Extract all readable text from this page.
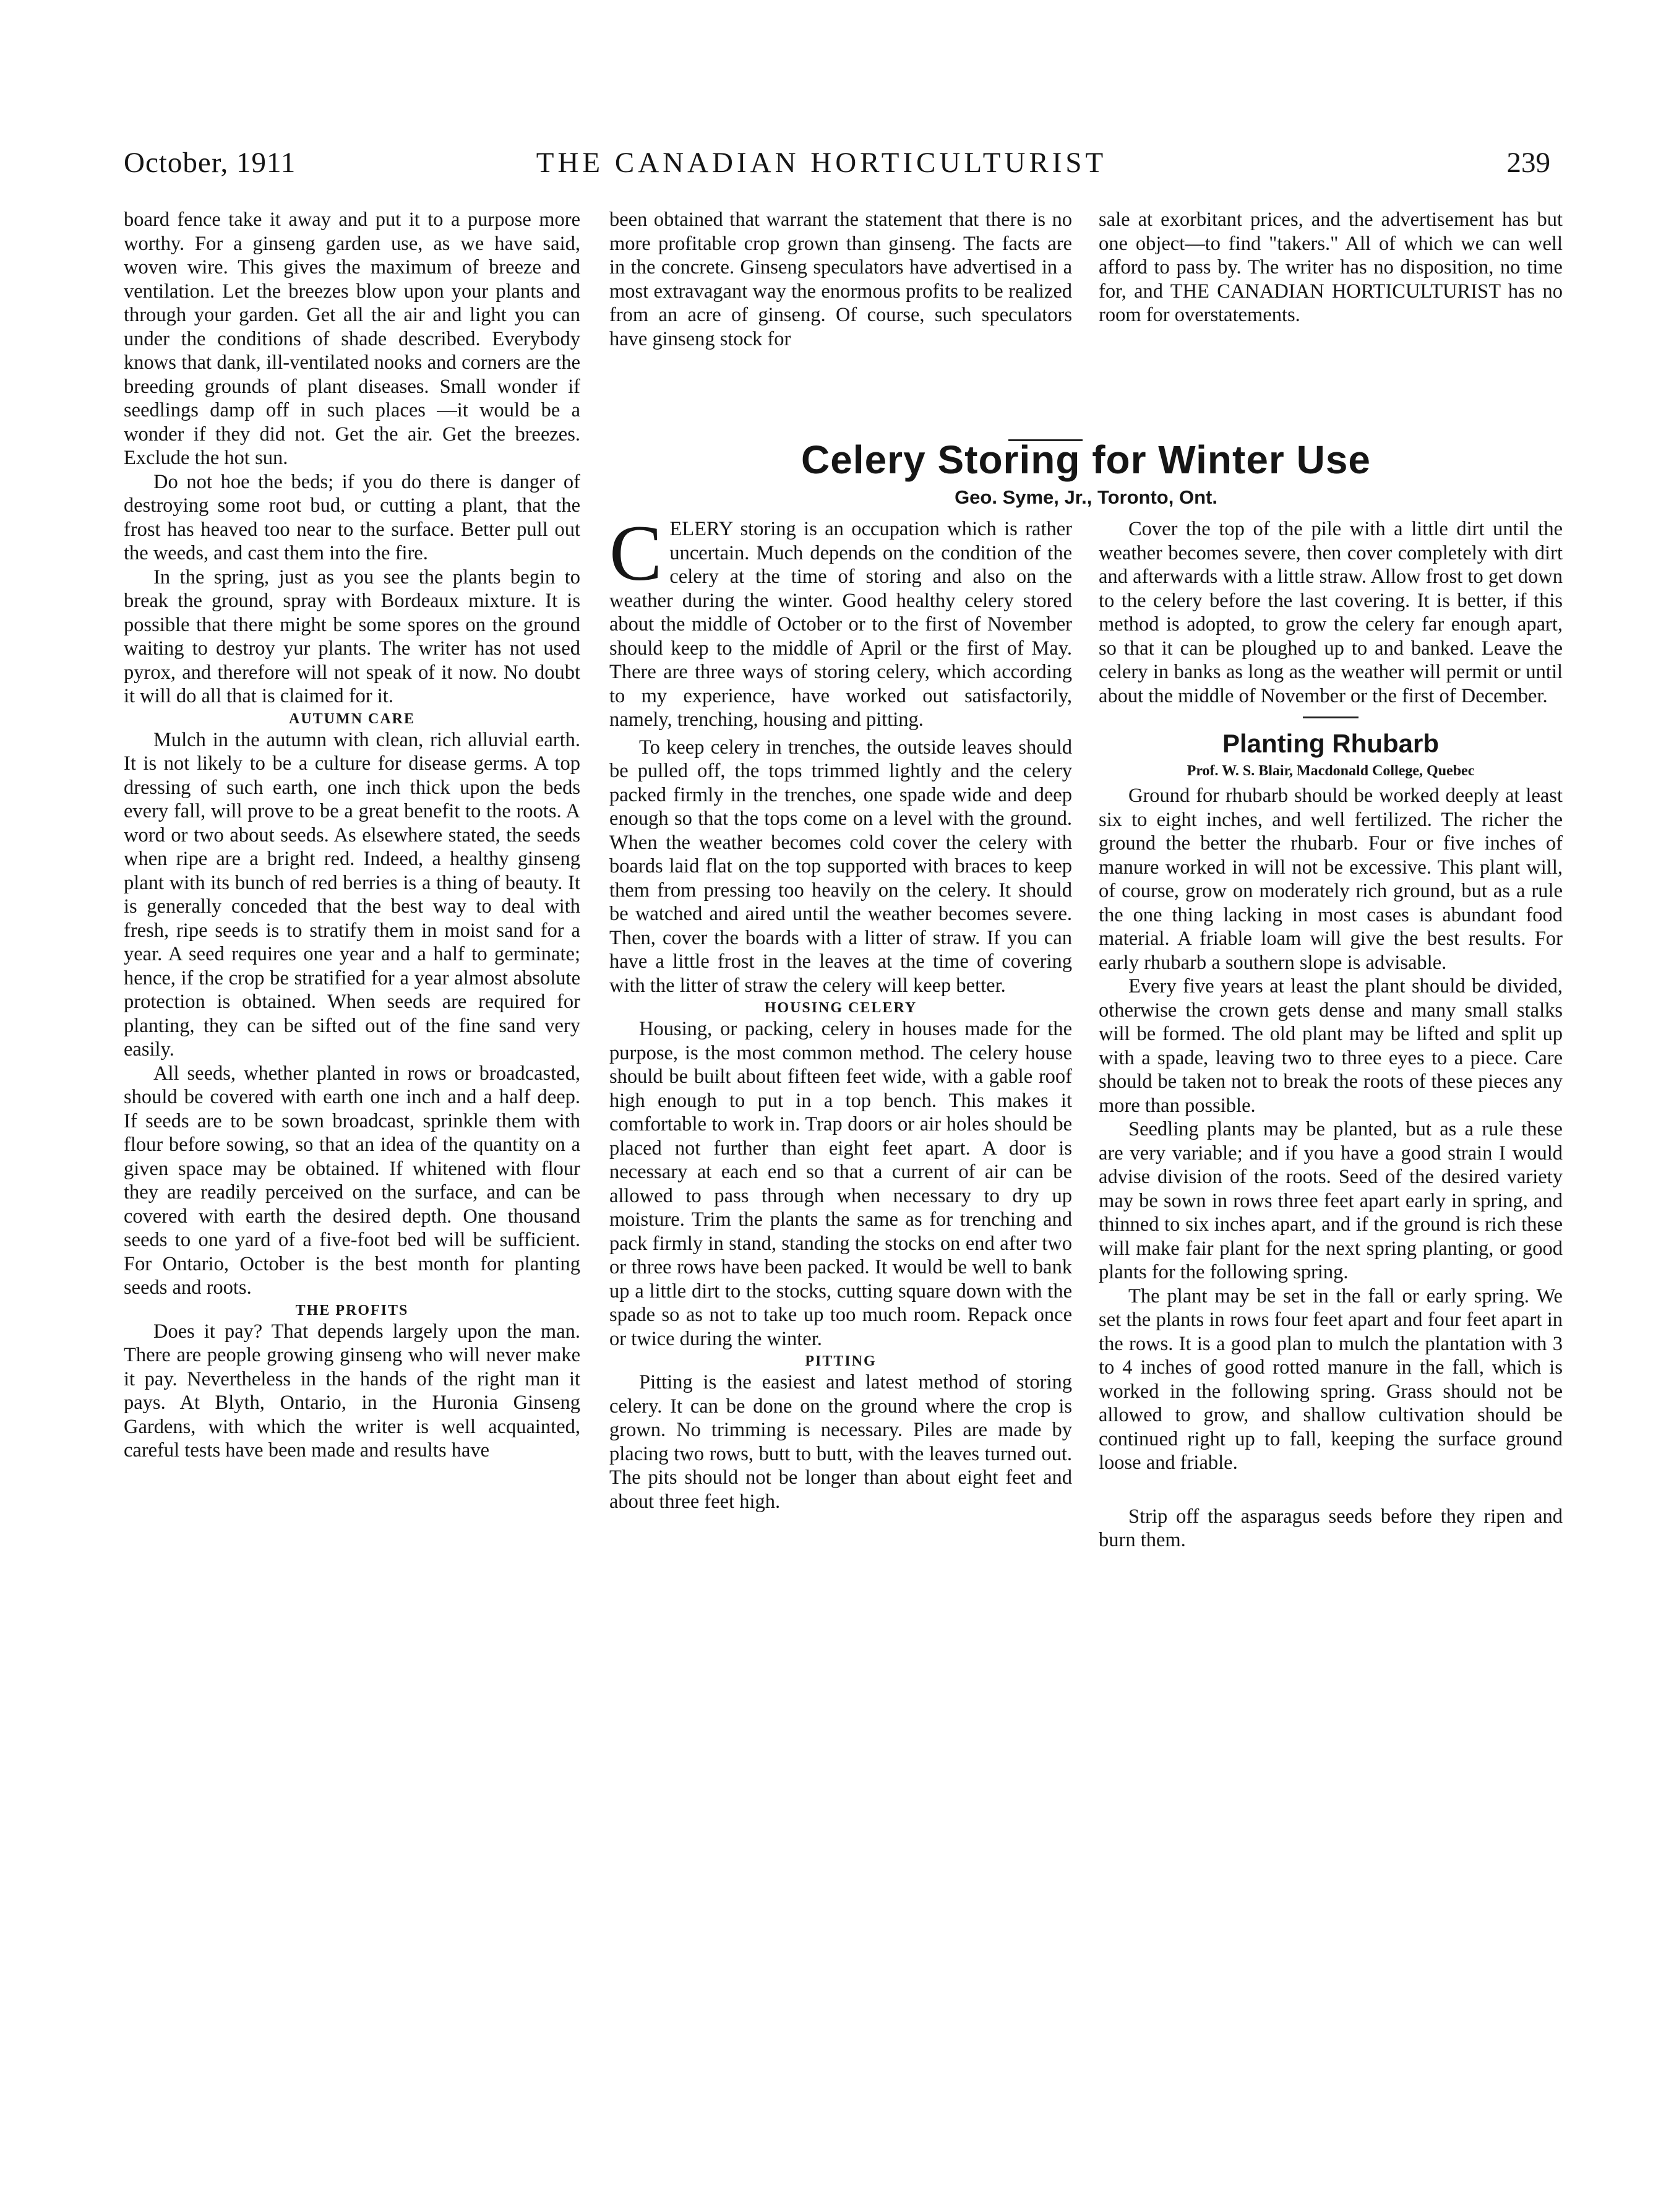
October, 1911	THE CANADIAN HORTICULTURIST	239

board fence take it away and put it to a purpose more worthy. For a ginseng garden use, as we have said, woven wire. This gives the maximum of breeze and ventilation. Let the breezes blow upon your plants and through your garden. Get all the air and light you can under the conditions of shade described. Everybody knows that dank, ill-ventilated nooks and corners are the breeding grounds of plant diseases. Small wonder if seedlings damp off in such places —it would be a wonder if they did not. Get the air. Get the breezes. Exclude the hot sun.

Do not hoe the beds; if you do there is danger of destroying some root bud, or cutting a plant, that the frost has heaved too near to the surface. Better pull out the weeds, and cast them into the fire.

In the spring, just as you see the plants begin to break the ground, spray with Bordeaux mixture. It is possible that there might be some spores on the ground waiting to destroy yur plants. The writer has not used pyrox, and therefore will not speak of it now. No doubt it will do all that is claimed for it.

AUTUMN CARE

Mulch in the autumn with clean, rich alluvial earth. It is not likely to be a culture for disease germs. A top dressing of such earth, one inch thick upon the beds every fall, will prove to be a great benefit to the roots. A word or two about seeds. As elsewhere stated, the seeds when ripe are a bright red. Indeed, a healthy ginseng plant with its bunch of red berries is a thing of beauty. It is generally conceded that the best way to deal with fresh, ripe seeds is to stratify them in moist sand for a year. A seed requires one year and a half to germinate; hence, if the crop be stratified for a year almost absolute protection is obtained. When seeds are required for planting, they can be sifted out of the fine sand very easily.

All seeds, whether planted in rows or broadcasted, should be covered with earth one inch and a half deep. If seeds are to be sown broadcast, sprinkle them with flour before sowing, so that an idea of the quantity on a given space may be obtained. If whitened with flour they are readily perceived on the surface, and can be covered with earth the desired depth. One thousand seeds to one yard of a five-foot bed will be sufficient. For Ontario, October is the best month for planting seeds and roots.

THE PROFITS

Does it pay? That depends largely upon the man. There are people growing ginseng who will never make it pay. Nevertheless in the hands of the right man it pays. At Blyth, Ontario, in the Huronia Ginseng Gardens, with which the writer is well acquainted, careful tests have been made and results have

been obtained that warrant the statement that there is no more profitable crop grown than ginseng. The facts are in the concrete. Ginseng speculators have advertised in a most extravagant way the enormous profits to be realized from an acre of ginseng. Of course, such speculators have ginseng stock for

sale at exorbitant prices, and the advertisement has but one object—to find "takers." All of which we can well afford to pass by. The writer has no disposition, no time for, and THE CANADIAN HORTICULTURIST has no room for overstatements.

Celery Storing for Winter Use
Geo. Syme, Jr., Toronto, Ont.

CELERY storing is an occupation which is rather uncertain. Much depends on the condition of the celery at the time of storing and also on the weather during the winter. Good healthy celery stored about the middle of October or to the first of November should keep to the middle of April or the first of May. There are three ways of storing celery, which according to my experience, have worked out satisfactorily, namely, trenching, housing and pitting.

To keep celery in trenches, the outside leaves should be pulled off, the tops trimmed lightly and the celery packed firmly in the trenches, one spade wide and deep enough so that the tops come on a level with the ground. When the weather becomes cold cover the celery with boards laid flat on the top supported with braces to keep them from pressing too heavily on the celery. It should be watched and aired until the weather becomes severe. Then, cover the boards with a litter of straw. If you can have a little frost in the leaves at the time of covering with the litter of straw the celery will keep better.

HOUSING CELERY

Housing, or packing, celery in houses made for the purpose, is the most common method. The celery house should be built about fifteen feet wide, with a gable roof high enough to put in a top bench. This makes it comfortable to work in. Trap doors or air holes should be placed not further than eight feet apart. A door is necessary at each end so that a current of air can be allowed to pass through when necessary to dry up moisture. Trim the plants the same as for trenching and pack firmly in stand, standing the stocks on end after two or three rows have been packed. It would be well to bank up a little dirt to the stocks, cutting square down with the spade so as not to take up too much room. Repack once or twice during the winter.

PITTING

Pitting is the easiest and latest method of storing celery. It can be done on the ground where the crop is grown. No trimming is necessary. Piles are made by placing two rows, butt to butt, with the leaves turned out. The pits should not be longer than about eight feet and about three feet high.

Cover the top of the pile with a little dirt until the weather becomes severe, then cover completely with dirt and afterwards with a little straw. Allow frost to get down to the celery before the last covering. It is better, if this method is adopted, to grow the celery far enough apart, so that it can be ploughed up to and banked. Leave the celery in banks as long as the weather will permit or until about the middle of November or the first of December.

Planting Rhubarb
Prof. W. S. Blair, Macdonald College, Quebec

Ground for rhubarb should be worked deeply at least six to eight inches, and well fertilized. The richer the ground the better the rhubarb. Four or five inches of manure worked in will not be excessive. This plant will, of course, grow on moderately rich ground, but as a rule the one thing lacking in most cases is abundant food material. A friable loam will give the best results. For early rhubarb a southern slope is advisable.

Every five years at least the plant should be divided, otherwise the crown gets dense and many small stalks will be formed. The old plant may be lifted and split up with a spade, leaving two to three eyes to a piece. Care should be taken not to break the roots of these pieces any more than possible.

Seedling plants may be planted, but as a rule these are very variable; and if you have a good strain I would advise division of the roots. Seed of the desired variety may be sown in rows three feet apart early in spring, and thinned to six inches apart, and if the ground is rich these will make fair plant for the next spring planting, or good plants for the following spring.

The plant may be set in the fall or early spring. We set the plants in rows four feet apart and four feet apart in the rows. It is a good plan to mulch the plantation with 3 to 4 inches of good rotted manure in the fall, which is worked in the following spring. Grass should not be allowed to grow, and shallow cultivation should be continued right up to fall, keeping the surface ground loose and friable.

Strip off the asparagus seeds before they ripen and burn them.
